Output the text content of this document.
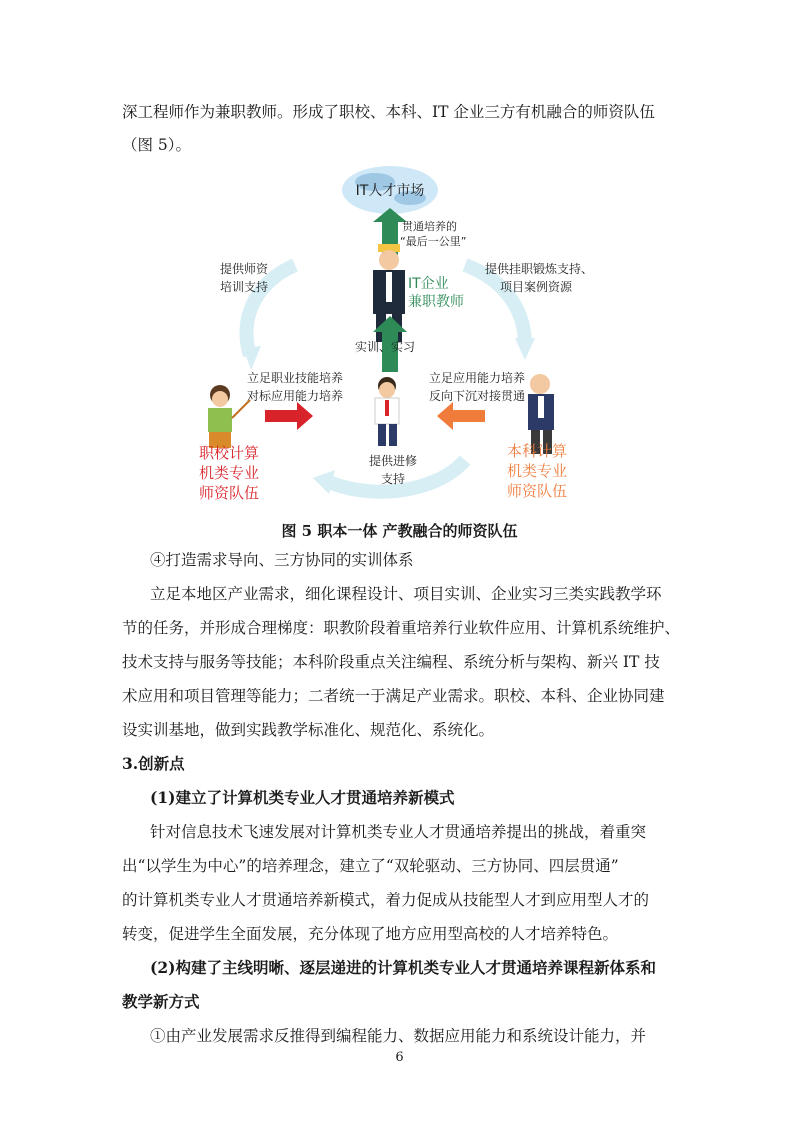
深工程师作为兼职教师。形成了职校、本科、IT 企业三方有机融合的师资队伍
（图 5）。
IT人才市场
贯通培养的
“最后一公里”
IT企业
兼职教师
提供师资
培训支持
提供挂职锻炼支持、
项目案例资源
实训、实习
立足职业技能培养
对标应用能力培养
立足应用能力培养
反向下沉对接贯通
职校计算
机类专业
师资队伍
本科计算
机类专业
师资队伍
提供进修
支持
图 5 职本一体 产教融合的师资队伍
④打造需求导向、三方协同的实训体系
立足本地区产业需求，细化课程设计、项目实训、企业实习三类实践教学环
节的任务，并形成合理梯度：职教阶段着重培养行业软件应用、计算机系统维护、
技术支持与服务等技能；本科阶段重点关注编程、系统分析与架构、新兴 IT 技
术应用和项目管理等能力；二者统一于满足产业需求。职校、本科、企业协同建
设实训基地，做到实践教学标准化、规范化、系统化。
3.创新点
(1)建立了计算机类专业人才贯通培养新模式
针对信息技术飞速发展对计算机类专业人才贯通培养提出的挑战，着重突
出“以学生为中心”的培养理念，建立了“双轮驱动、三方协同、四层贯通”
的计算机类专业人才贯通培养新模式，着力促成从技能型人才到应用型人才的
转变，促进学生全面发展，充分体现了地方应用型高校的人才培养特色。
(2)构建了主线明晰、逐层递进的计算机类专业人才贯通培养课程新体系和
教学新方式
①由产业发展需求反推得到编程能力、数据应用能力和系统设计能力，并
6
